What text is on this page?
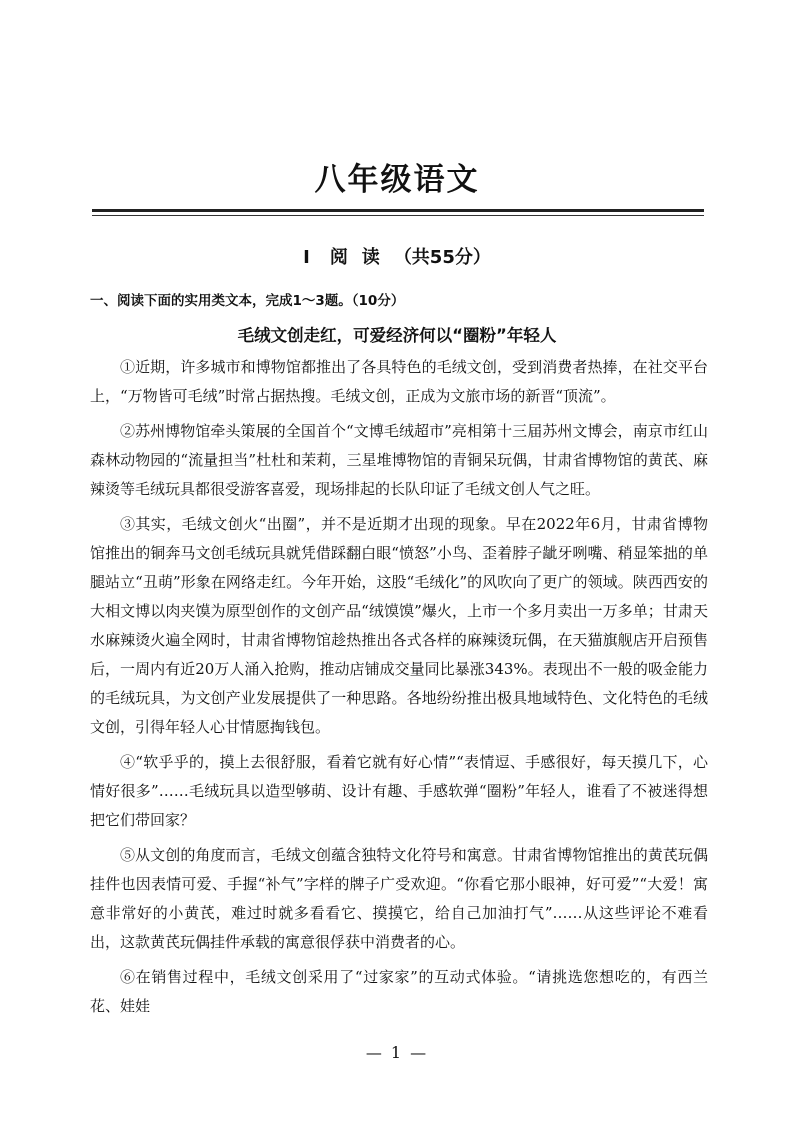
八年级语文
Ⅰ 阅读（共55分）
一、阅读下面的实用类文本，完成1～3题。（10分）
毛绒文创走红，可爱经济何以“圈粉”年轻人

①近期，许多城市和博物馆都推出了各具特色的毛绒文创，受到消费者热捧，在社交平台上，“万物皆可毛绒”时常占据热搜。毛绒文创，正成为文旅市场的新晋“顶流”。

②苏州博物馆牵头策展的全国首个“文博毛绒超市”亮相第十三届苏州文博会，南京市红山森林动物园的“流量担当”杜杜和茉莉，三星堆博物馆的青铜呆玩偶，甘肃省博物馆的黄芪、麻辣烫等毛绒玩具都很受游客喜爱，现场排起的长队印证了毛绒文创人气之旺。

③其实，毛绒文创火“出圈”，并不是近期才出现的现象。早在2022年6月，甘肃省博物馆推出的铜奔马文创毛绒玩具就凭借踩翻白眼“愤怒”小鸟、歪着脖子龇牙咧嘴、稍显笨拙的单腿站立“丑萌”形象在网络走红。今年开始，这股“毛绒化”的风吹向了更广的领域。陕西西安的大相文博以肉夹馍为原型创作的文创产品“绒馍馍”爆火，上市一个多月卖出一万多单；甘肃天水麻辣烫火遍全网时，甘肃省博物馆趁热推出各式各样的麻辣烫玩偶，在天猫旗舰店开启预售后，一周内有近20万人涌入抢购，推动店铺成交量同比暴涨343%。表现出不一般的吸金能力的毛绒玩具，为文创产业发展提供了一种思路。各地纷纷推出极具地域特色、文化特色的毛绒文创，引得年轻人心甘情愿掏钱包。

④“软乎乎的，摸上去很舒服，看着它就有好心情”“表情逗、手感很好，每天摸几下，心情好很多”……毛绒玩具以造型够萌、设计有趣、手感软弹“圈粉”年轻人，谁看了不被迷得想把它们带回家？

⑤从文创的角度而言，毛绒文创蕴含独特文化符号和寓意。甘肃省博物馆推出的黄芪玩偶挂件也因表情可爱、手握“补气”字样的牌子广受欢迎。“你看它那小眼神，好可爱”“大爱！寓意非常好的小黄芪，难过时就多看看它、摸摸它，给自己加油打气”……从这些评论不难看出，这款黄芪玩偶挂件承载的寓意很俘获中消费者的心。

⑥在销售过程中，毛绒文创采用了“过家家”的互动式体验。“请挑选您想吃的，有西兰花、娃娃

— 1 —
